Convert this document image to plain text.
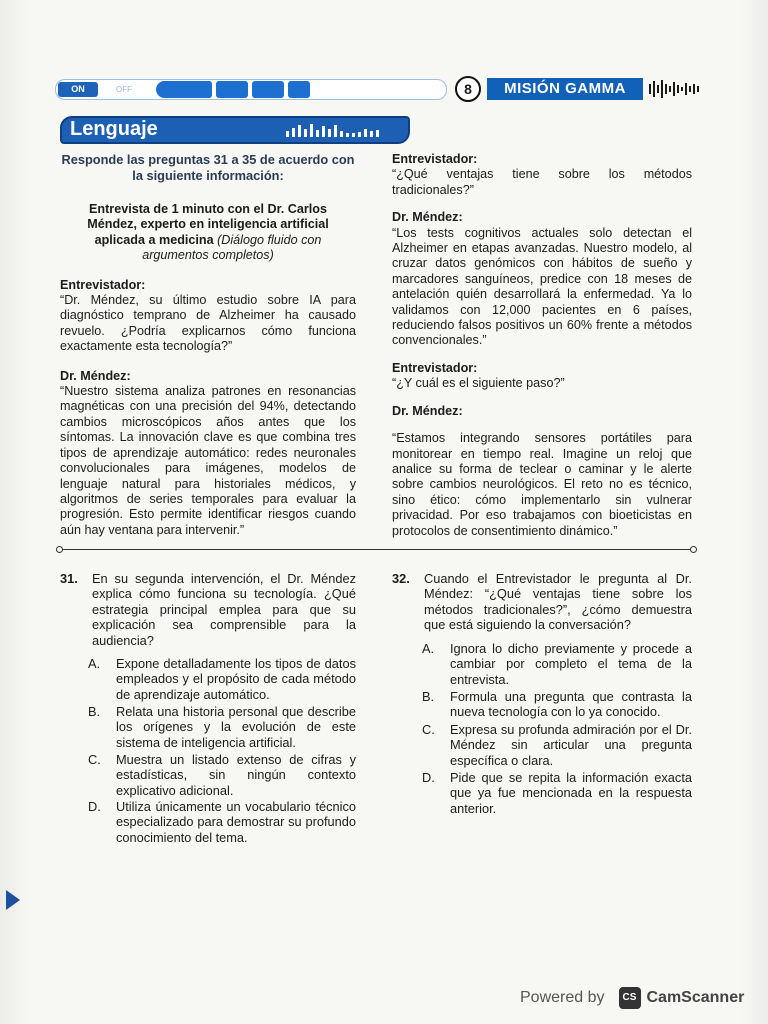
ON	OFF	8	MISIÓN GAMMA
Lenguaje

Responde las preguntas 31 a 35 de acuerdo con la siguiente información:

Entrevista de 1 minuto con el Dr. Carlos Méndez, experto en inteligencia artificial aplicada a medicina (Diálogo fluido con argumentos completos)

Entrevistador:

“Dr. Méndez, su último estudio sobre IA para diagnóstico temprano de Alzheimer ha causado revuelo. ¿Podría explicarnos cómo funciona exactamente esta tecnología?”

Dr. Méndez:

“Nuestro sistema analiza patrones en resonancias magnéticas con una precisión del 94%, detectando cambios microscópicos años antes que los síntomas. La innovación clave es que combina tres tipos de aprendizaje automático: redes neuronales convolucionales para imágenes, modelos de lenguaje natural para historiales médicos, y algoritmos de series temporales para evaluar la progresión. Esto permite identificar riesgos cuando aún hay ventana para intervenir.”

Entrevistador:

“¿Qué ventajas tiene sobre los métodos tradicionales?”

Dr. Méndez:

“Los tests cognitivos actuales solo detectan el Alzheimer en etapas avanzadas. Nuestro modelo, al cruzar datos genómicos con hábitos de sueño y marcadores sanguíneos, predice con 18 meses de antelación quién desarrollará la enfermedad. Ya lo validamos con 12,000 pacientes en 6 países, reduciendo falsos positivos un 60% frente a métodos convencionales.”

Entrevistador:

“¿Y cuál es el siguiente paso?”

Dr. Méndez:

“Estamos integrando sensores portátiles para monitorear en tiempo real. Imagine un reloj que analice su forma de teclear o caminar y le alerte sobre cambios neurológicos. El reto no es técnico, sino ético: cómo implementarlo sin vulnerar privacidad. Por eso trabajamos con bioeticistas en protocolos de consentimiento dinámico.”

31. En su segunda intervención, el Dr. Méndez explica cómo funciona su tecnología. ¿Qué estrategia principal emplea para que su explicación sea comprensible para la audiencia?
A. Expone detalladamente los tipos de datos empleados y el propósito de cada método de aprendizaje automático.
B. Relata una historia personal que describe los orígenes y la evolución de este sistema de inteligencia artificial.
C. Muestra un listado extenso de cifras y estadísticas, sin ningún contexto explicativo adicional.
D. Utiliza únicamente un vocabulario técnico especializado para demostrar su profundo conocimiento del tema.
32. Cuando el Entrevistador le pregunta al Dr. Méndez: “¿Qué ventajas tiene sobre los métodos tradicionales?”, ¿cómo demuestra que está siguiendo la conversación?
A. Ignora lo dicho previamente y procede a cambiar por completo el tema de la entrevista.
B. Formula una pregunta que contrasta la nueva tecnología con lo ya conocido.
C. Expresa su profunda admiración por el Dr. Méndez sin articular una pregunta específica o clara.
D. Pide que se repita la información exacta que ya fue mencionada en la respuesta anterior.
Powered by	CS CamScanner
